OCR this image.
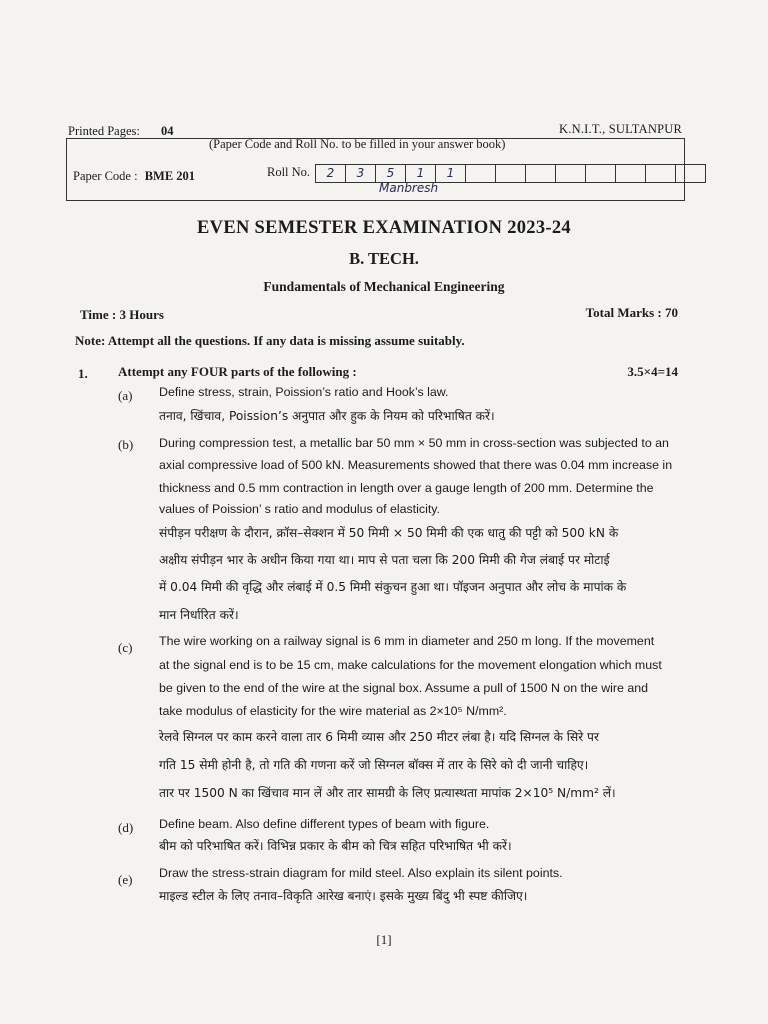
Printed Pages: 04	K.N.I.T., SULTANPUR
(Paper Code and Roll No. to be filled in your answer book)
Paper Code : BME 201	Roll No.	2	3	5	1	1
Manbresh
EVEN SEMESTER EXAMINATION 2023-24
B. TECH.
Fundamentals of Mechanical Engineering
Time : 3 Hours	Total Marks : 70
Note: Attempt all the questions. If any data is missing assume suitably.
1. Attempt any FOUR parts of the following :	3.5×4=14
(a) Define stress, strain, Poission’s ratio and Hook’s law.
तनाव, खिंचाव, Poission’s अनुपात और हुक के नियम को परिभाषित करें।
(b) During compression test, a metallic bar 50 mm × 50 mm in cross-section was subjected to an
axial compressive load of 500 kN. Measurements showed that there was 0.04 mm increase in
thickness and 0.5 mm contraction in length over a gauge length of 200 mm. Determine the
values of Poission’ s ratio and modulus of elasticity.
संपीड़न परीक्षण के दौरान, क्रॉस–सेक्शन में 50 मिमी × 50 मिमी की एक धातु की पट्टी को 500 kN के
अक्षीय संपीड़न भार के अधीन किया गया था। माप से पता चला कि 200 मिमी की गेज लंबाई पर मोटाई
में 0.04 मिमी की वृद्धि और लंबाई में 0.5 मिमी संकुचन हुआ था। पॉइजन अनुपात और लोच के मापांक के
मान निर्धारित करें।
(c) The wire working on a railway signal is 6 mm in diameter and 250 m long. If the movement
at the signal end is to be 15 cm, make calculations for the movement elongation which must
be given to the end of the wire at the signal box. Assume a pull of 1500 N on the wire and
take modulus of elasticity for the wire material as 2×10⁵ N/mm².
रेलवे सिग्नल पर काम करने वाला तार 6 मिमी व्यास और 250 मीटर लंबा है। यदि सिग्नल के सिरे पर
गति 15 सेमी होनी है, तो गति की गणना करें जो सिग्नल बॉक्स में तार के सिरे को दी जानी चाहिए।
तार पर 1500 N का खिंचाव मान लें और तार सामग्री के लिए प्रत्यास्थता मापांक 2×10⁵ N/mm² लें।
(d) Define beam. Also define different types of beam with figure.
बीम को परिभाषित करें। विभिन्न प्रकार के बीम को चित्र सहित परिभाषित भी करें।
(e) Draw the stress-strain diagram for mild steel. Also explain its silent points.
माइल्ड स्टील के लिए तनाव–विकृति आरेख बनाएं। इसके मुख्य बिंदु भी स्पष्ट कीजिए।
[1]
